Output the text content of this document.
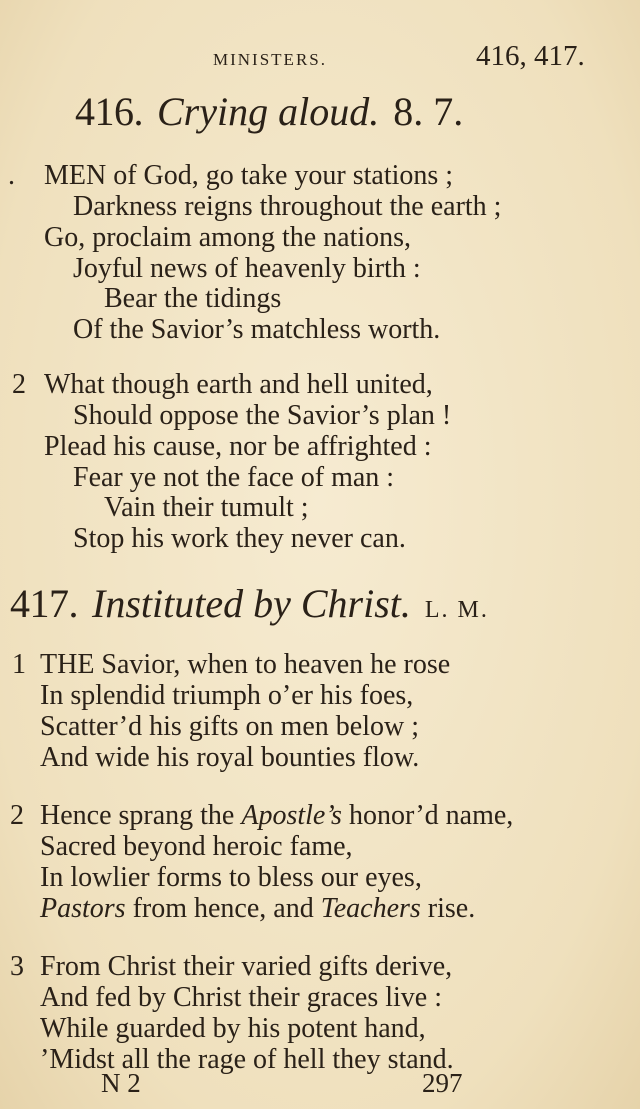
MINISTERS.	416, 417.
416. Crying aloud. 8. 7.
. MEN of God, go take your stations ;
Darkness reigns throughout the earth ;
Go, proclaim among the nations,
Joyful news of heavenly birth :
Bear the tidings
Of the Savior’s matchless worth.
2 What though earth and hell united,
Should oppose the Savior’s plan !
Plead his cause, nor be affrighted :
Fear ye not the face of man :
Vain their tumult ;
Stop his work they never can.
417. Instituted by Christ. L. M.
1 THE Savior, when to heaven he rose
In splendid triumph o’er his foes,
Scatter’d his gifts on men below ;
And wide his royal bounties flow.
2 Hence sprang the Apostle’s honor’d name,
Sacred beyond heroic fame,
In lowlier forms to bless our eyes,
Pastors from hence, and Teachers rise.
3 From Christ their varied gifts derive,
And fed by Christ their graces live :
While guarded by his potent hand,
’Midst all the rage of hell they stand.
N 2	297
